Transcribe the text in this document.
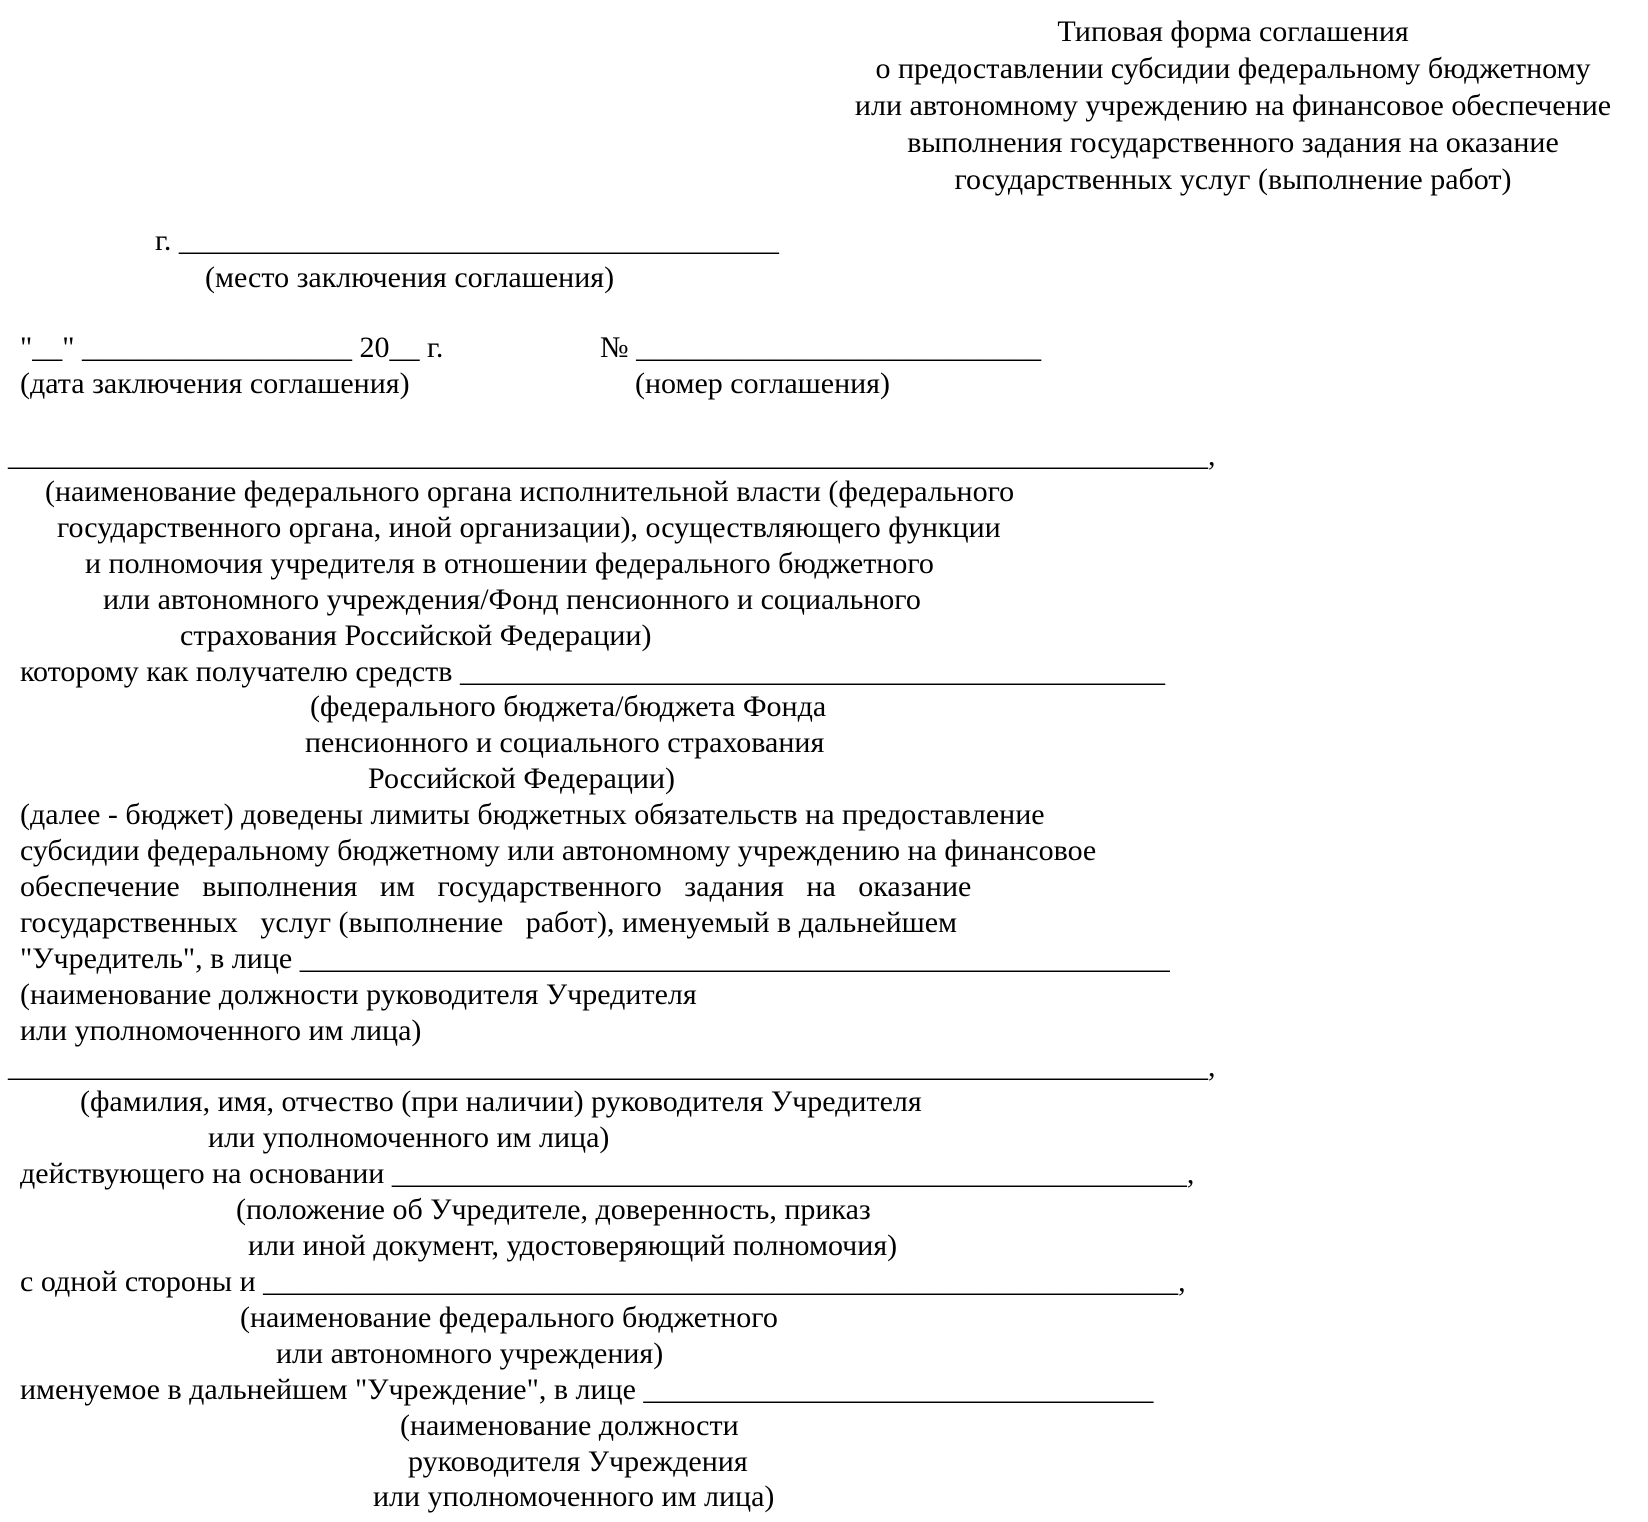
Типовая форма соглашения
о предоставлении субсидии федеральному бюджетному
или автономному учреждению на финансовое обеспечение
выполнения государственного задания на оказание
государственных услуг (выполнение работ)
г. ________________________________________
(место заключения соглашения)
"__" __________________ 20__ г.	№ ___________________________
(дата заключения соглашения)	(номер соглашения)
________________________________________________________________________________,
(наименование федерального органа исполнительной власти (федерального
государственного органа, иной организации), осуществляющего функции
и полномочия учредителя в отношении федерального бюджетного
или автономного учреждения/Фонд пенсионного и социального
страхования Российской Федерации)
которому как получателю средств _______________________________________________
(федерального бюджета/бюджета Фонда
пенсионного и социального страхования
Российской Федерации)
(далее - бюджет) доведены лимиты бюджетных обязательств на предоставление
субсидии федеральному бюджетному или автономному учреждению на финансовое
обеспечение   выполнения   им   государственного   задания   на   оказание
государственных   услуг (выполнение   работ), именуемый в дальнейшем
"Учредитель", в лице __________________________________________________________
(наименование должности руководителя Учредителя
или уполномоченного им лица)
________________________________________________________________________________,
(фамилия, имя, отчество (при наличии) руководителя Учредителя
или уполномоченного им лица)
действующего на основании _____________________________________________________,
(положение об Учредителе, доверенность, приказ
или иной документ, удостоверяющий полномочия)
с одной стороны и _____________________________________________________________,
(наименование федерального бюджетного
или автономного учреждения)
именуемое в дальнейшем "Учреждение", в лице __________________________________
(наименование должности
руководителя Учреждения
или уполномоченного им лица)
